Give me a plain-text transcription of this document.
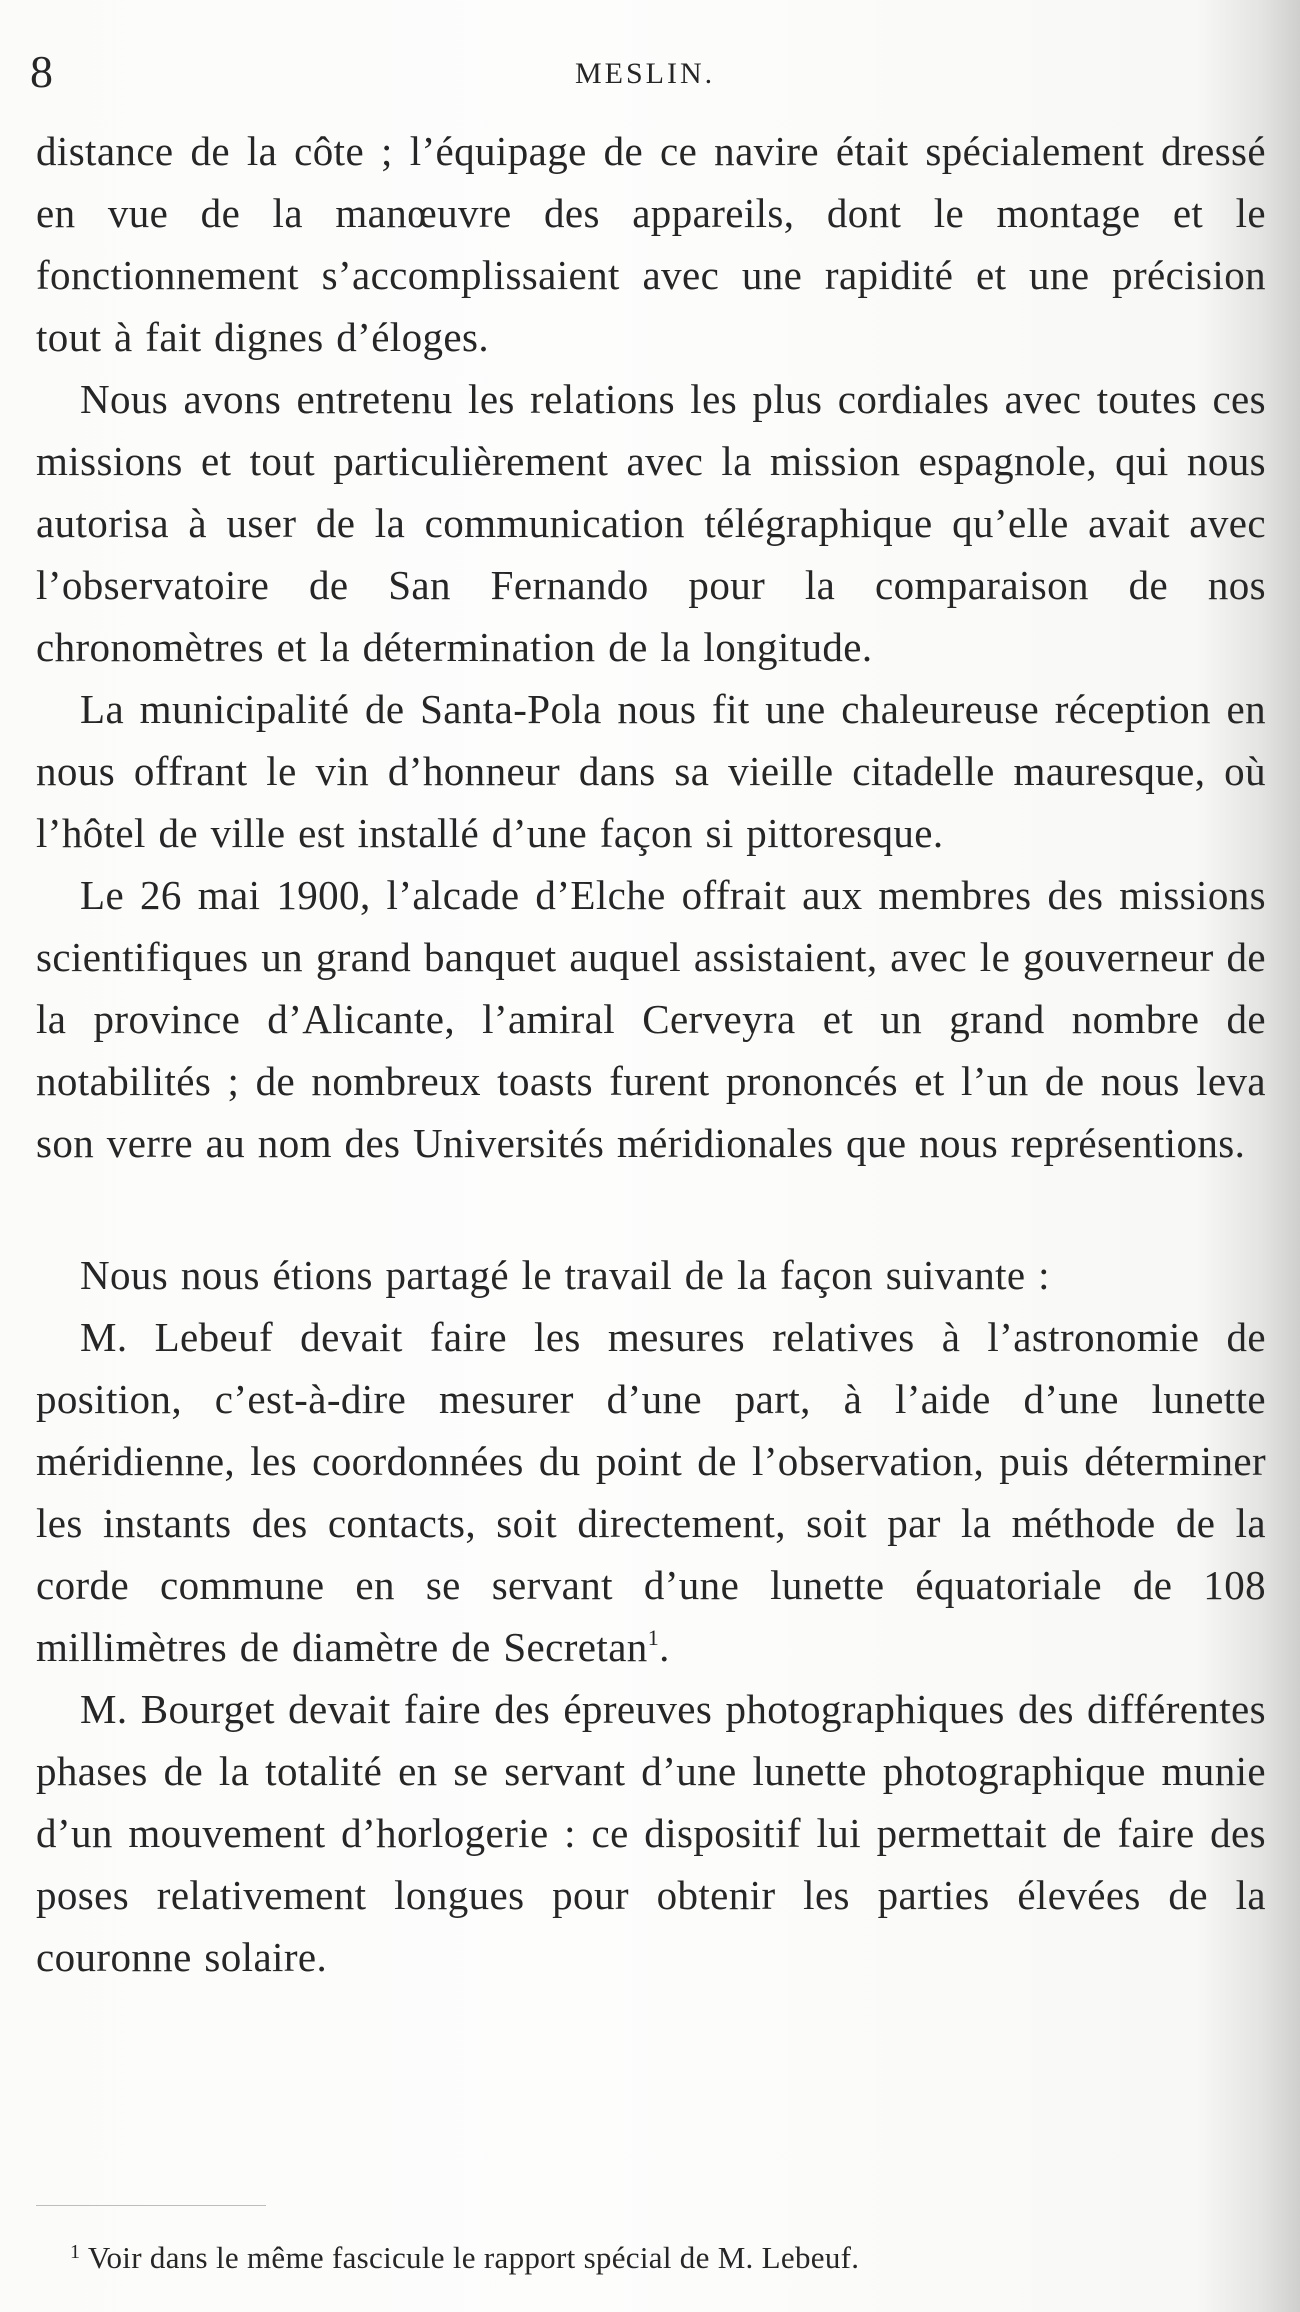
8	MESLIN.

distance de la côte ; l’équipage de ce navire était spécialement dressé en vue de la manœuvre des appareils, dont le montage et le fonctionnement s’accomplissaient avec une rapidité et une précision tout à fait dignes d’éloges.

Nous avons entretenu les relations les plus cordiales avec toutes ces missions et tout particulièrement avec la mission espagnole, qui nous autorisa à user de la communication télégraphique qu’elle avait avec l’observatoire de San Fernando pour la comparaison de nos chronomètres et la détermination de la longitude.

La municipalité de Santa-Pola nous fit une chaleureuse réception en nous offrant le vin d’honneur dans sa vieille citadelle mauresque, où l’hôtel de ville est installé d’une façon si pittoresque.

Le 26 mai 1900, l’alcade d’Elche offrait aux membres des missions scientifiques un grand banquet auquel assistaient, avec le gouverneur de la province d’Alicante, l’amiral Cerveyra et un grand nombre de notabilités ; de nombreux toasts furent prononcés et l’un de nous leva son verre au nom des Universités méridionales que nous représentions.

Nous nous étions partagé le travail de la façon suivante :

M. Lebeuf devait faire les mesures relatives à l’astronomie de position, c’est-à-dire mesurer d’une part, à l’aide d’une lunette méridienne, les coordonnées du point de l’observation, puis déterminer les instants des contacts, soit directement, soit par la méthode de la corde commune en se servant d’une lunette équatoriale de 108 millimètres de diamètre de Secretan$^1$.

M. Bourget devait faire des épreuves photographiques des différentes phases de la totalité en se servant d’une lunette photographique munie d’un mouvement d’horlogerie : ce dispositif lui permettait de faire des poses relativement longues pour obtenir les parties élevées de la couronne solaire.

$^1$ Voir dans le même fascicule le rapport spécial de M. Lebeuf.
